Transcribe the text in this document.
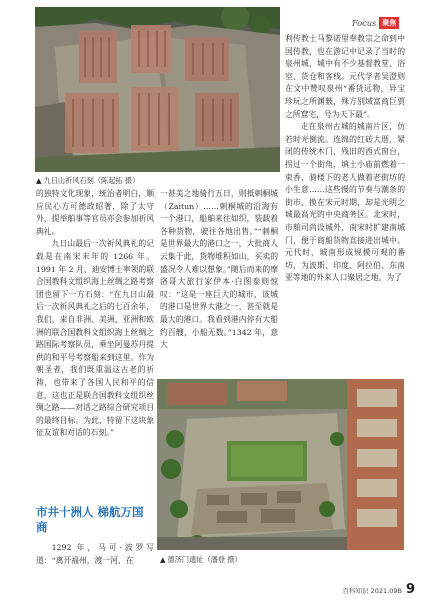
▲ 九日山祈风石刻（陈起拓 摄）
Focus 聚焦

的独特文化现象，统治者明白，顺应民心方可德政昭著，除了太守外，提举舶事等官员亦会参加祈风典礼。

九日山最后一次祈风典礼的记载是在南宋末年的 1266 年。1991 年 2 月，迪安博士率领的联合国教科文组织海上丝绸之路考察团也留下一方石刻：“在九日山最后一次祈风典礼之后的七百余年，我们，来自非洲、美洲、亚洲和欧洲的联合国教科文组织海上丝绸之路国际考察队员，乘坐阿曼苏丹提供的和平号考察船来到这里。作为朝圣者，我们既重温这古老的祈祷，也带来了各国人民和平的信息，这也正是联合国教科文组织丝绸之路——对话之路综合研究项目的最终目标。为此，特留下这块象征友谊和对话的石刻。”

市井十洲人 梯航万国商

1292 年，马可·波罗写道：“离开福州，渡一河，在

一甚美之地骑行五日，则抵刺桐城（Zaitun）……刺桐城的沿海有一个港口，船舶来往如织，装载着各种货物，驶往各地出售。”“刺桐是世界最大的港口之一，大批商人云集于此，货物堆积如山，买卖的盛况令人难以想象。”随后而来的摩洛哥大旅行家伊本·白图泰则惊叹：“这是一座巨大的城市，该城的港口是世界大港之一，甚至就是最大的港口。我看到港内停有大船约百艘，小船无数。”1342 年，意大

利传教士马黎诺里奉教宗之命到中国传教，也在游记中记录了当时的泉州城，城中有不少基督教堂、浴室、货仓和客栈。元代学者吴澄则在文中赞叹泉州“番货远物，异宝珍玩之所渊薮，殊方别域富商巨贾之所窟宅，号为天下最”。

走在泉州古城的城南片区，仿若时光倒流。连绵的红砖大厝，紧闭的传统木门，残旧的西式窗台，拐过一个街角，填土小庙前燃着一束香，骑楼下的老人做着老街坊的小生意……这些慢的节奏与潮条的街市，换在宋元时期，却是光明之城最高光的中央商务区。北宋时，市舶司尚设城外，南宋时扩建南城门，便于商船货物直接进出城中。元代时，城南形成规模可观的番坊，为波斯、印度、阿拉伯、东南亚等地的外来人口聚居之地。为了

▲ 德济门遗址（潘登 摄）
百科知识 2021.09B 9
